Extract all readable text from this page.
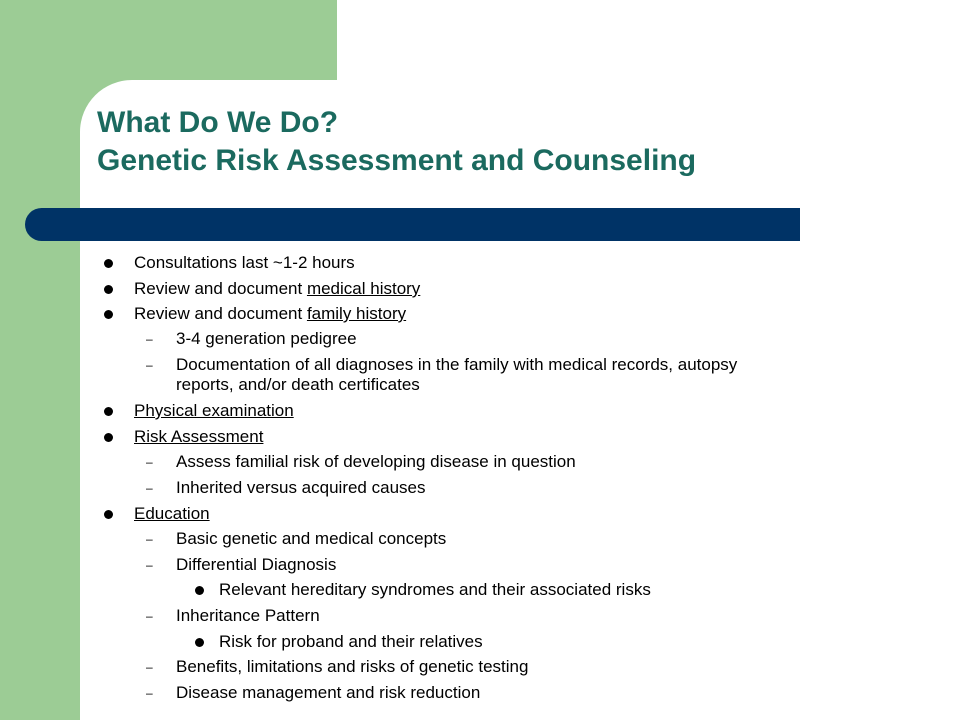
What Do We Do?
Genetic Risk Assessment and Counseling
Consultations last ~1-2 hours
Review and document medical history
Review and document family history
– 3-4 generation pedigree
– Documentation of all diagnoses in the family with medical records, autopsy
reports, and/or death certificates
Physical examination
Risk Assessment
– Assess familial risk of developing disease in question
– Inherited versus acquired causes
Education
– Basic genetic and medical concepts
– Differential Diagnosis
Relevant hereditary syndromes and their associated risks
– Inheritance Pattern
Risk for proband and their relatives
– Benefits, limitations and risks of genetic testing
– Disease management and risk reduction
